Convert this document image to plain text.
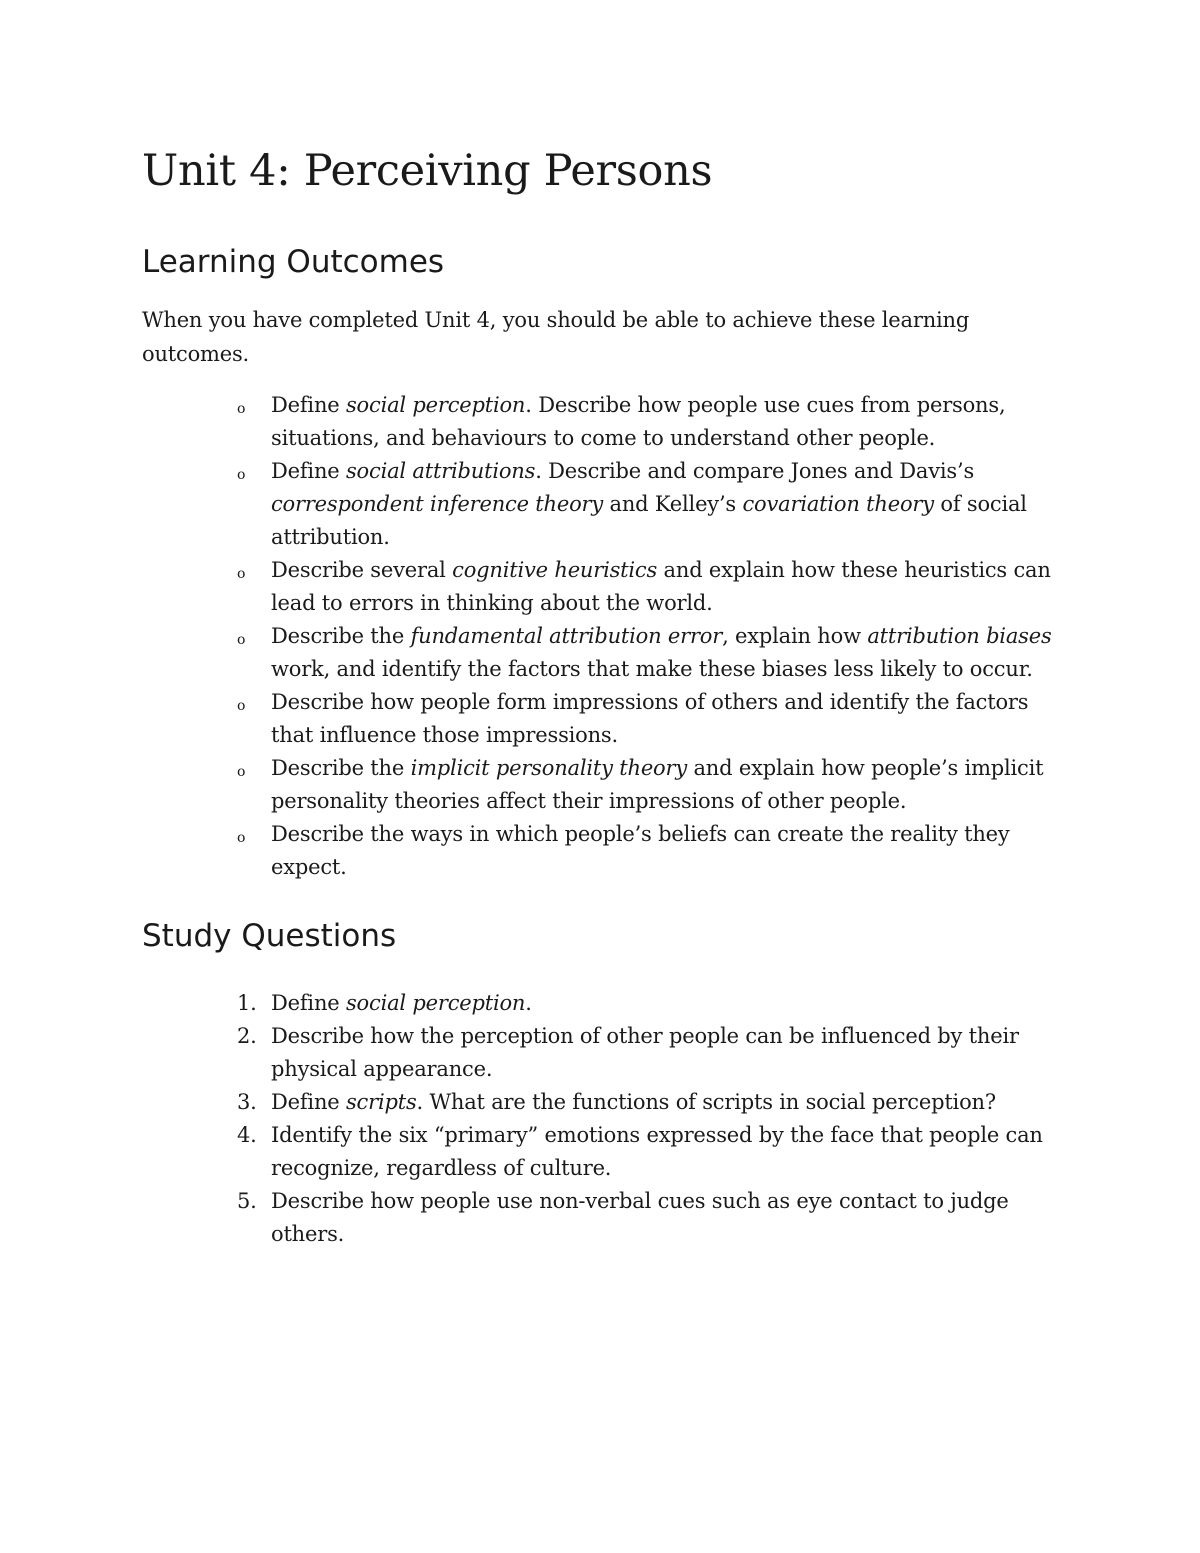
Unit 4: Perceiving Persons
Learning Outcomes

When you have completed Unit 4, you should be able to achieve these learning outcomes.

o Define social perception. Describe how people use cues from persons, situations, and behaviours to come to understand other people.
o Define social attributions. Describe and compare Jones and Davis’s correspondent inference theory and Kelley’s covariation theory of social attribution.
o Describe several cognitive heuristics and explain how these heuristics can lead to errors in thinking about the world.
o Describe the fundamental attribution error, explain how attribution biases work, and identify the factors that make these biases less likely to occur.
o Describe how people form impressions of others and identify the factors that influence those impressions.
o Describe the implicit personality theory and explain how people’s implicit personality theories affect their impressions of other people.
o Describe the ways in which people’s beliefs can create the reality they expect.
Study Questions
1. Define social perception.
2. Describe how the perception of other people can be influenced by their physical appearance.
3. Define scripts. What are the functions of scripts in social perception?
4. Identify the six “primary” emotions expressed by the face that people can recognize, regardless of culture.
5. Describe how people use non-verbal cues such as eye contact to judge others.
